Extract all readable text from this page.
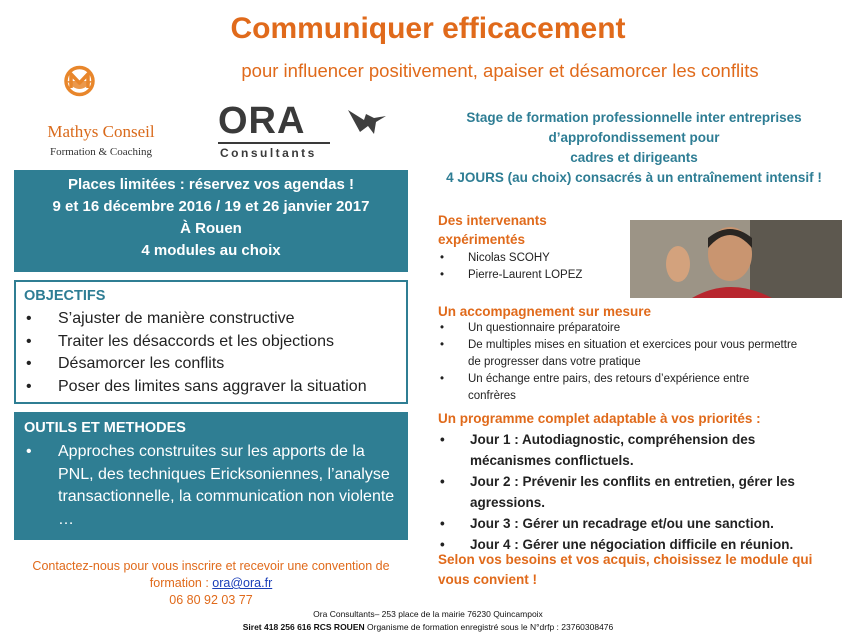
Communiquer efficacement
pour influencer positivement, apaiser et désamorcer les conflits
Mathys Conseil
Formation & Coaching
ORA
Consultants
Stage de formation professionnelle inter entreprises
d’approfondissement pour
cadres et dirigeants
4 JOURS (au choix) consacrés à un entraînement intensif !
Places limitées : réservez vos agendas !
9 et 16 décembre 2016 / 19 et 26 janvier 2017
À Rouen
4 modules au choix
OBJECTIFS
• S’ajuster de manière constructive
• Traiter les désaccords et les objections
• Désamorcer les conflits
• Poser des limites sans aggraver la situation
OUTILS ET METHODES
• Approches construites sur les apports de la PNL, des techniques Ericksoniennes, l’analyse transactionnelle, la communication non violente …
Contactez-nous pour vous inscrire et recevoir une convention de
formation : ora@ora.fr
06 80 92 03 77
Des intervenants expérimentés
• Nicolas SCOHY
• Pierre-Laurent LOPEZ
Un accompagnement sur mesure
• Un questionnaire préparatoire
• De multiples mises en situation et exercices pour vous permettre de progresser dans votre pratique
• Un échange entre pairs, des retours d’expérience entre confrères
Un programme complet adaptable à vos priorités :
• Jour 1 : Autodiagnostic, compréhension des mécanismes conflictuels.
• Jour 2 : Prévenir les conflits en entretien, gérer les agressions.
• Jour 3 : Gérer un recadrage et/ou une sanction.
• Jour 4 : Gérer une négociation difficile en réunion.
Selon vos besoins et vos acquis, choisissez le module qui vous convient !
Ora Consultants– 253 place de la mairie 76230 Quincampoix
Siret 418 256 616 RCS ROUEN Organisme de formation enregistré sous le N°drfp : 23760308476
